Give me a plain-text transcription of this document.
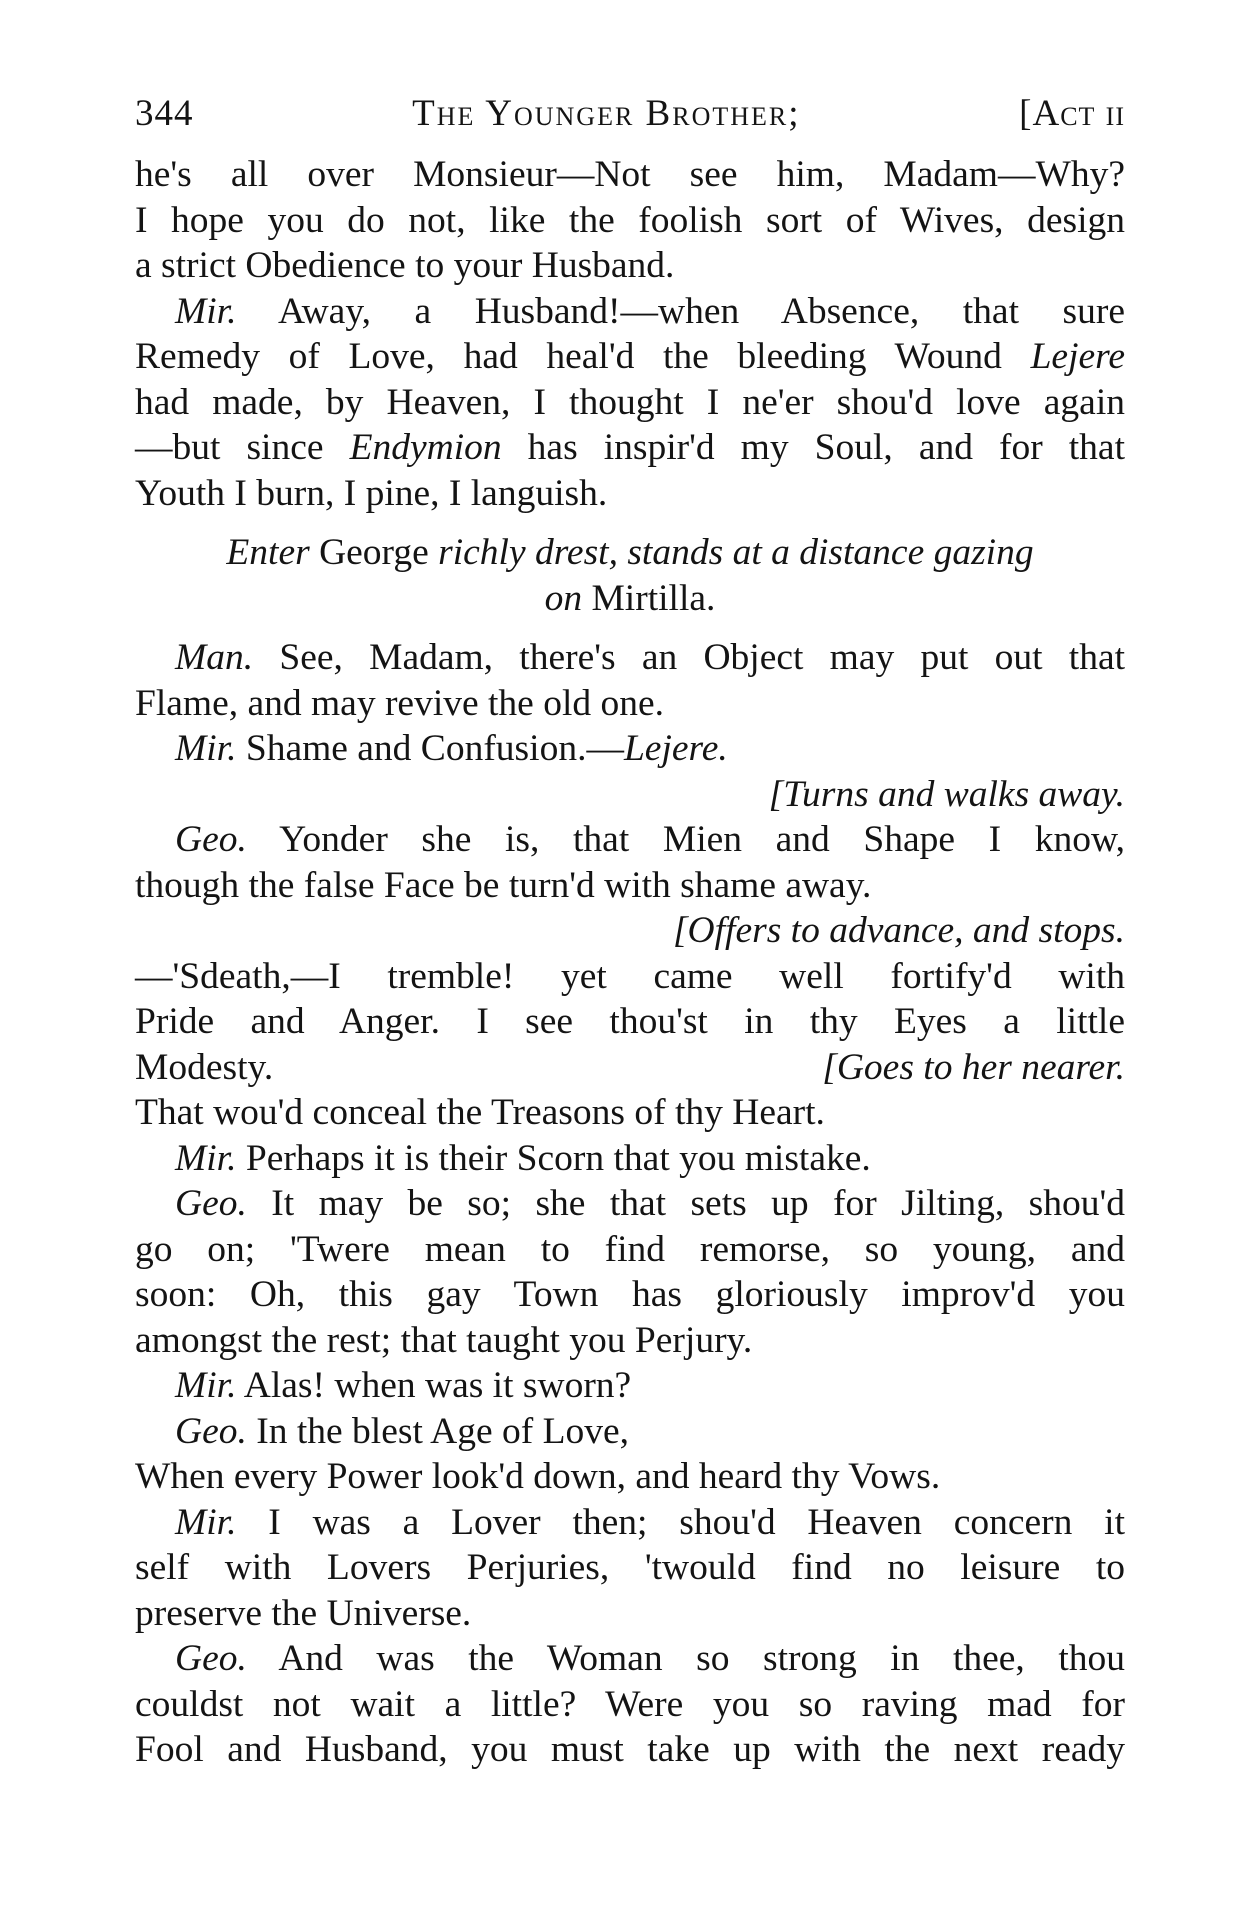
344	The Younger Brother;	[Act ii
he's all over Monsieur—Not see him, Madam—Why?
I hope you do not, like the foolish sort of Wives, design
a strict Obedience to your Husband.
Mir. Away, a Husband!—when Absence, that sure
Remedy of Love, had heal'd the bleeding Wound Lejere
had made, by Heaven, I thought I ne'er shou'd love again
—but since Endymion has inspir'd my Soul, and for that
Youth I burn, I pine, I languish.
Enter George richly drest, stands at a distance gazing
on Mirtilla.
Man. See, Madam, there's an Object may put out that
Flame, and may revive the old one.
Mir. Shame and Confusion.—Lejere.
[Turns and walks away.
Geo. Yonder she is, that Mien and Shape I know,
though the false Face be turn'd with shame away.
[Offers to advance, and stops.
—'Sdeath,—I tremble! yet came well fortify'd with
Pride and Anger. I see thou'st in thy Eyes a little
Modesty.	[Goes to her nearer.
That wou'd conceal the Treasons of thy Heart.
Mir. Perhaps it is their Scorn that you mistake.
Geo. It may be so; she that sets up for Jilting, shou'd
go on; 'Twere mean to find remorse, so young, and
soon: Oh, this gay Town has gloriously improv'd you
amongst the rest; that taught you Perjury.
Mir. Alas! when was it sworn?
Geo. In the blest Age of Love,
When every Power look'd down, and heard thy Vows.
Mir. I was a Lover then; shou'd Heaven concern it
self with Lovers Perjuries, 'twould find no leisure to
preserve the Universe.
Geo. And was the Woman so strong in thee, thou
couldst not wait a little? Were you so raving mad for
Fool and Husband, you must take up with the next ready
